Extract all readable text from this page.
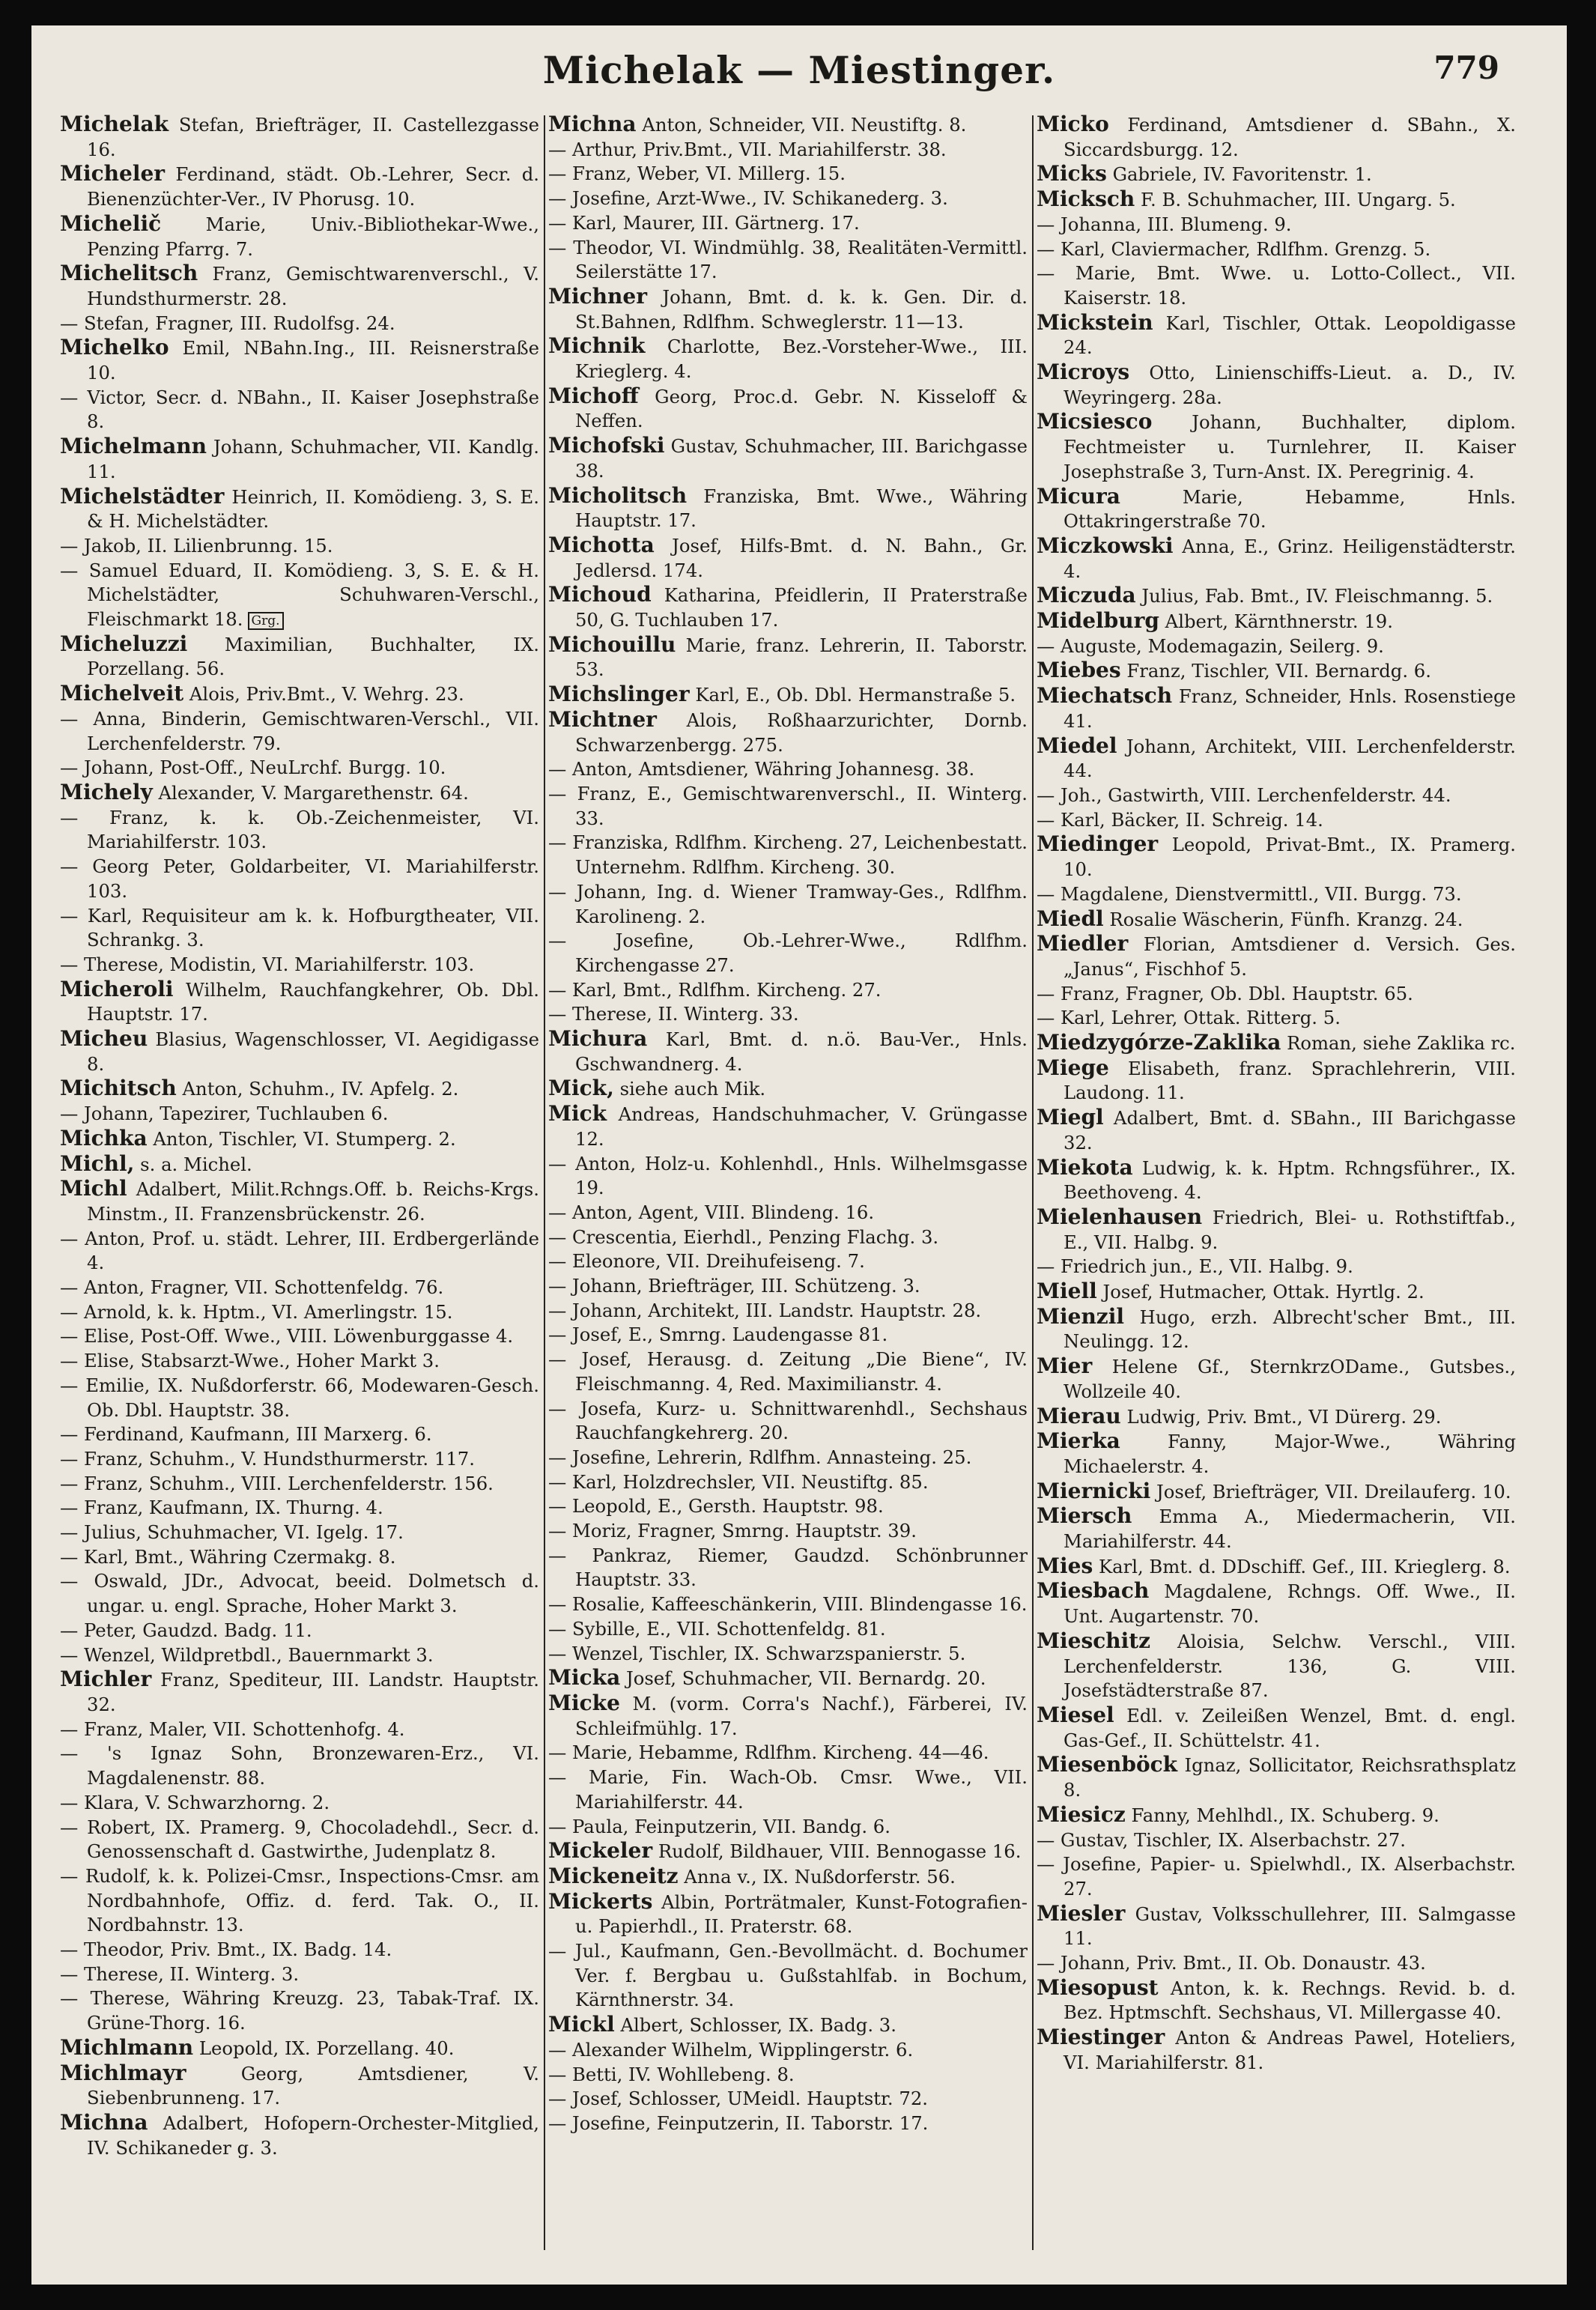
Michelak — Miestinger.	779
Michelak Stefan, Briefträger, II. Castellezgasse 16.
Micheler Ferdinand, städt. Ob.-Lehrer, Secr. d. Bienenzüchter-Ver., IV Phorusg. 10.
Michelič Marie, Univ.-Bibliothekar-Wwe., Penzing Pfarrg. 7.
Michelitsch Franz, Gemischtwarenverschl., V. Hundsthurmerstr. 28.
— Stefan, Fragner, III. Rudolfsg. 24.
Michelko Emil, NBahn.Ing., III. Reisnerstraße 10.
— Victor, Secr. d. NBahn., II. Kaiser Josephstraße 8.
Michelmann Johann, Schuhmacher, VII. Kandlg. 11.
Michelstädter Heinrich, II. Komödieng. 3, S. E. & H. Michelstädter.
— Jakob, II. Lilienbrunng. 15.
— Samuel Eduard, II. Komödieng. 3, S. E. & H. Michelstädter, Schuhwaren-Verschl., Fleischmarkt 18. Grg.
Micheluzzi Maximilian, Buchhalter, IX. Porzellang. 56.
Michelveit Alois, Priv.Bmt., V. Wehrg. 23.
— Anna, Binderin, Gemischtwaren-Verschl., VII. Lerchenfelderstr. 79.
— Johann, Post-Off., NeuLrchf. Burgg. 10.
Michely Alexander, V. Margarethenstr. 64.
— Franz, k. k. Ob.-Zeichenmeister, VI. Mariahilferstr. 103.
— Georg Peter, Goldarbeiter, VI. Mariahilferstr. 103.
— Karl, Requisiteur am k. k. Hofburgtheater, VII. Schrankg. 3.
— Therese, Modistin, VI. Mariahilferstr. 103.
Micheroli Wilhelm, Rauchfangkehrer, Ob. Dbl. Hauptstr. 17.
Micheu Blasius, Wagenschlosser, VI. Aegidigasse 8.
Michitsch Anton, Schuhm., IV. Apfelg. 2.
— Johann, Tapezirer, Tuchlauben 6.
Michka Anton, Tischler, VI. Stumperg. 2.
Michl, s. a. Michel.
Michl Adalbert, Milit.Rchngs.Off. b. Reichs-Krgs. Minstm., II. Franzensbrückenstr. 26.
— Anton, Prof. u. städt. Lehrer, III. Erdbergerlände 4.
— Anton, Fragner, VII. Schottenfeldg. 76.
— Arnold, k. k. Hptm., VI. Amerlingstr. 15.
— Elise, Post-Off. Wwe., VIII. Löwenburggasse 4.
— Elise, Stabsarzt-Wwe., Hoher Markt 3.
— Emilie, IX. Nußdorferstr. 66, Modewaren-Gesch. Ob. Dbl. Hauptstr. 38.
— Ferdinand, Kaufmann, III Marxerg. 6.
— Franz, Schuhm., V. Hundsthurmerstr. 117.
— Franz, Schuhm., VIII. Lerchenfelderstr. 156.
— Franz, Kaufmann, IX. Thurng. 4.
— Julius, Schuhmacher, VI. Igelg. 17.
— Karl, Bmt., Währing Czermakg. 8.
— Oswald, JDr., Advocat, beeid. Dolmetsch d. ungar. u. engl. Sprache, Hoher Markt 3.
— Peter, Gaudzd. Badg. 11.
— Wenzel, Wildpretbdl., Bauernmarkt 3.
Michler Franz, Spediteur, III. Landstr. Hauptstr. 32.
— Franz, Maler, VII. Schottenhofg. 4.
— 's Ignaz Sohn, Bronzewaren-Erz., VI. Magdalenenstr. 88.
— Klara, V. Schwarzhorng. 2.
— Robert, IX. Pramerg. 9, Chocoladehdl., Secr. d. Genossenschaft d. Gastwirthe, Judenplatz 8.
— Rudolf, k. k. Polizei-Cmsr., Inspections-Cmsr. am Nordbahnhofe, Offiz. d. ferd. Tak. O., II. Nordbahnstr. 13.
— Theodor, Priv. Bmt., IX. Badg. 14.
— Therese, II. Winterg. 3.
— Therese, Währing Kreuzg. 23, Tabak-Traf. IX. Grüne-Thorg. 16.
Michlmann Leopold, IX. Porzellang. 40.
Michlmayr	Georg, Amtsdiener, V. Siebenbrunneng. 17.
Michna Adalbert, Hofopern-Orchester-Mitglied, IV. Schikaneder g. 3.
Michna Anton, Schneider, VII. Neustiftg. 8.
— Arthur, Priv.Bmt., VII. Mariahilferstr. 38.
— Franz, Weber, VI. Millerg. 15.
— Josefine, Arzt-Wwe., IV. Schikanederg. 3.
— Karl, Maurer, III. Gärtnerg. 17.
— Theodor, VI. Windmühlg. 38, Realitäten-Vermittl. Seilerstätte 17.
Michner Johann, Bmt. d. k. k. Gen. Dir. d. St.Bahnen, Rdlfhm. Schweglerstr. 11—13.
Michnik Charlotte, Bez.-Vorsteher-Wwe., III. Krieglerg. 4.
Michoff Georg, Proc.d. Gebr. N. Kisseloff & Neffen.
Michofski Gustav, Schuhmacher, III. Barichgasse 38.
Micholitsch Franziska, Bmt. Wwe., Währing Hauptstr. 17.
Michotta Josef, Hilfs-Bmt. d. N. Bahn., Gr. Jedlersd. 174.
Michoud Katharina, Pfeidlerin, II Praterstraße 50, G. Tuchlauben 17.
Michouillu Marie, franz. Lehrerin, II. Taborstr. 53.
Michslinger Karl, E., Ob. Dbl. Hermanstraße 5.
Michtner Alois, Roßhaarzurichter, Dornb. Schwarzenbergg. 275.
— Anton, Amtsdiener, Währing Johannesg. 38.
— Franz, E., Gemischtwarenverschl., II. Winterg. 33.
— Franziska, Rdlfhm. Kircheng. 27, Leichenbestatt. Unternehm. Rdlfhm. Kircheng. 30.
— Johann, Ing. d. Wiener Tramway-Ges., Rdlfhm. Karolineng. 2.
—	Josefine, Ob.-Lehrer-Wwe., Rdlfhm. Kirchengasse 27.
— Karl, Bmt., Rdlfhm. Kircheng. 27.
— Therese, II. Winterg. 33.
Michura Karl, Bmt. d. n.ö. Bau-Ver., Hnls. Gschwandnerg. 4.
Mick, siehe auch Mik.
Mick Andreas, Handschuhmacher, V. Grüngasse 12.
— Anton, Holz-u. Kohlenhdl., Hnls. Wilhelmsgasse 19.
— Anton, Agent, VIII. Blindeng. 16.
— Crescentia, Eierhdl., Penzing Flachg. 3.
— Eleonore, VII. Dreihufeiseng. 7.
— Johann, Briefträger, III. Schützeng. 3.
— Johann, Architekt, III. Landstr. Hauptstr. 28.
— Josef, E., Smrng. Laudengasse 81.
— Josef, Herausg. d. Zeitung „Die Biene“, IV. Fleischmanng. 4, Red. Maximilianstr. 4.
— Josefa, Kurz- u. Schnittwarenhdl., Sechshaus Rauchfangkehrerg. 20.
— Josefine, Lehrerin, Rdlfhm. Annasteing. 25.
— Karl, Holzdrechsler, VII. Neustiftg. 85.
— Leopold, E., Gersth. Hauptstr. 98.
— Moriz, Fragner, Smrng. Hauptstr. 39.
— Pankraz, Riemer, Gaudzd. Schönbrunner Hauptstr. 33.
— Rosalie, Kaffeeschänkerin, VIII. Blindengasse 16.
— Sybille, E., VII. Schottenfeldg. 81.
— Wenzel, Tischler, IX. Schwarzspanierstr. 5.
Micka Josef, Schuhmacher, VII. Bernardg. 20.
Micke M. (vorm. Corra's Nachf.), Färberei, IV. Schleifmühlg. 17.
— Marie, Hebamme, Rdlfhm. Kircheng. 44—46.
— Marie, Fin. Wach-Ob. Cmsr. Wwe., VII. Mariahilferstr. 44.
— Paula, Feinputzerin, VII. Bandg. 6.
Mickeler Rudolf, Bildhauer, VIII. Bennogasse 16.
Mickeneitz Anna v., IX. Nußdorferstr. 56.
Mickerts Albin, Porträtmaler, Kunst-Fotografien- u. Papierhdl., II. Praterstr. 68.
— Jul., Kaufmann, Gen.-Bevollmächt. d. Bochumer Ver. f. Bergbau u. Gußstahlfab. in Bochum, Kärnthnerstr. 34.
Mickl Albert, Schlosser, IX. Badg. 3.
— Alexander Wilhelm, Wipplingerstr. 6.
— Betti, IV. Wohllebeng. 8.
— Josef, Schlosser, UMeidl. Hauptstr. 72.
— Josefine, Feinputzerin, II. Taborstr. 17.
Micko Ferdinand, Amtsdiener d. SBahn., X. Siccardsburgg. 12.
Micks Gabriele, IV. Favoritenstr. 1.
Micksch F. B. Schuhmacher, III. Ungarg. 5.
— Johanna, III. Blumeng. 9.
— Karl, Claviermacher, Rdlfhm. Grenzg. 5.
— Marie, Bmt. Wwe. u. Lotto-Collect., VII. Kaiserstr. 18.
Mickstein Karl, Tischler, Ottak. Leopoldigasse 24.
Microys Otto, Linienschiffs-Lieut. a. D., IV. Weyringerg. 28a.
Micsiesco Johann, Buchhalter, diplom. Fechtmeister u. Turnlehrer, II. Kaiser Josephstraße 3, Turn-Anst. IX. Peregrinig. 4.
Micura	Marie, Hebamme, Hnls. Ottakringerstraße 70.
Miczkowski Anna, E., Grinz. Heiligenstädterstr. 4.
Miczuda Julius, Fab. Bmt., IV. Fleischmanng. 5.
Midelburg Albert, Kärnthnerstr. 19.
— Auguste, Modemagazin, Seilerg. 9.
Miebes Franz, Tischler, VII. Bernardg. 6.
Miechatsch Franz, Schneider, Hnls. Rosenstiege 41.
Miedel Johann, Architekt, VIII. Lerchenfelderstr. 44.
— Joh., Gastwirth, VIII. Lerchenfelderstr. 44.
— Karl, Bäcker, II. Schreig. 14.
Miedinger Leopold, Privat-Bmt., IX. Pramerg. 10.
— Magdalene, Dienstvermittl., VII. Burgg. 73.
Miedl Rosalie Wäscherin, Fünfh. Kranzg. 24.
Miedler Florian, Amtsdiener d. Versich. Ges. „Janus“, Fischhof 5.
— Franz, Fragner, Ob. Dbl. Hauptstr. 65.
— Karl, Lehrer, Ottak. Ritterg. 5.
Miedzygórze-Zaklika Roman, siehe Zaklika rc.
Miege Elisabeth, franz. Sprachlehrerin, VIII. Laudong. 11.
Miegl Adalbert, Bmt. d. SBahn., III Barichgasse 32.
Miekota Ludwig, k. k. Hptm. Rchngsführer., IX. Beethoveng. 4.
Mielenhausen Friedrich, Blei- u. Rothstiftfab., E., VII. Halbg. 9.
— Friedrich jun., E., VII. Halbg. 9.
Miell Josef, Hutmacher, Ottak. Hyrtlg. 2.
Mienzil Hugo, erzh. Albrecht'scher Bmt., III. Neulingg. 12.
Mier Helene Gf., SternkrzODame., Gutsbes., Wollzeile 40.
Mierau Ludwig, Priv. Bmt., VI Dürerg. 29.
Mierka	Fanny, Major-Wwe., Währing Michaelerstr. 4.
Miernicki Josef, Briefträger, VII. Dreilauferg. 10.
Miersch Emma A., Miedermacherin, VII. Mariahilferstr. 44.
Mies Karl, Bmt. d. DDschiff. Gef., III. Krieglerg. 8.
Miesbach Magdalene, Rchngs. Off. Wwe., II. Unt. Augartenstr. 70.
Mieschitz Aloisia, Selchw. Verschl., VIII. Lerchenfelderstr. 136, G. VIII. Josefstädterstraße 87.
Miesel Edl. v. Zeileißen Wenzel, Bmt. d. engl. Gas-Gef., II. Schüttelstr. 41.
Miesenböck Ignaz, Sollicitator, Reichsrathsplatz 8.
Miesicz Fanny, Mehlhdl., IX. Schuberg. 9.
— Gustav, Tischler, IX. Alserbachstr. 27.
— Josefine, Papier- u. Spielwhdl., IX. Alserbachstr. 27.
Miesler Gustav, Volksschullehrer, III. Salmgasse 11.
— Johann, Priv. Bmt., II. Ob. Donaustr. 43.
Miesopust Anton, k. k. Rechngs. Revid. b. d. Bez. Hptmschft. Sechshaus, VI. Millergasse 40.
Miestinger Anton & Andreas Pawel, Hoteliers, VI. Mariahilferstr. 81.
